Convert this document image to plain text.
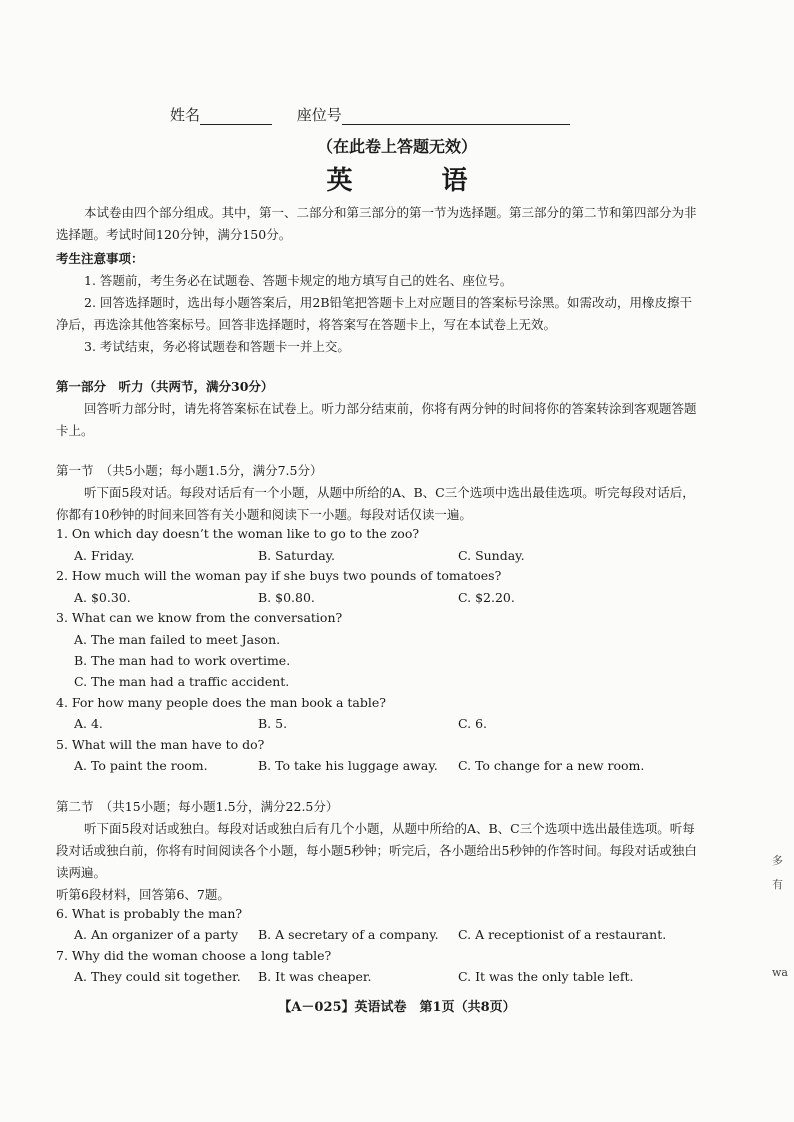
姓名	座位号
（在此卷上答题无效）
英 语

本试卷由四个部分组成。其中，第一、二部分和第三部分的第一节为选择题。第三部分的第二节和第四部分为非选择题。考试时间120分钟，满分150分。

考生注意事项：

1. 答题前，考生务必在试题卷、答题卡规定的地方填写自己的姓名、座位号。

2. 回答选择题时，选出每小题答案后，用2B铅笔把答题卡上对应题目的答案标号涂黑。如需改动，用橡皮擦干净后，再选涂其他答案标号。回答非选择题时，将答案写在答题卡上，写在本试卷上无效。

3. 考试结束，务必将试题卷和答题卡一并上交。

第一部分　听力（共两节，满分30分）

回答听力部分时，请先将答案标在试卷上。听力部分结束前，你将有两分钟的时间将你的答案转涂到客观题答题卡上。

第一节　（共5小题；每小题1.5分，满分7.5分）

听下面5段对话。每段对话后有一个小题，从题中所给的A、B、C三个选项中选出最佳选项。听完每段对话后，你都有10秒钟的时间来回答有关小题和阅读下一小题。每段对话仅读一遍。

1. On which day doesn’t the woman like to go to the zoo?
A. Friday.	B. Saturday.	C. Sunday.
2. How much will the woman pay if she buys two pounds of tomatoes?
A. $0.30.	B. $0.80.	C. $2.20.
3. What can we know from the conversation?
A. The man failed to meet Jason.
B. The man had to work overtime.
C. The man had a traffic accident.
4. For how many people does the man book a table?
A. 4.	B. 5.	C. 6.
5. What will the man have to do?
A. To paint the room.	B. To take his luggage away. C. To change for a new room.

第二节　（共15小题；每小题1.5分，满分22.5分）

听下面5段对话或独白。每段对话或独白后有几个小题，从题中所给的A、B、C三个选项中选出最佳选项。听每段对话或独白前，你将有时间阅读各个小题，每小题5秒钟；听完后，各小题给出5秒钟的作答时间。每段对话或独白读两遍。

听第6段材料，回答第6、7题。

6. What is probably the man?
A. An organizer of a party B. A secretary of a company. C. A receptionist of a restaurant.
7. Why did the woman choose a long table?
A. They could sit together. B. It was cheaper.	C. It was the only table left.
【A－025】英语试卷　第1页（共8页）
多
有
wa
